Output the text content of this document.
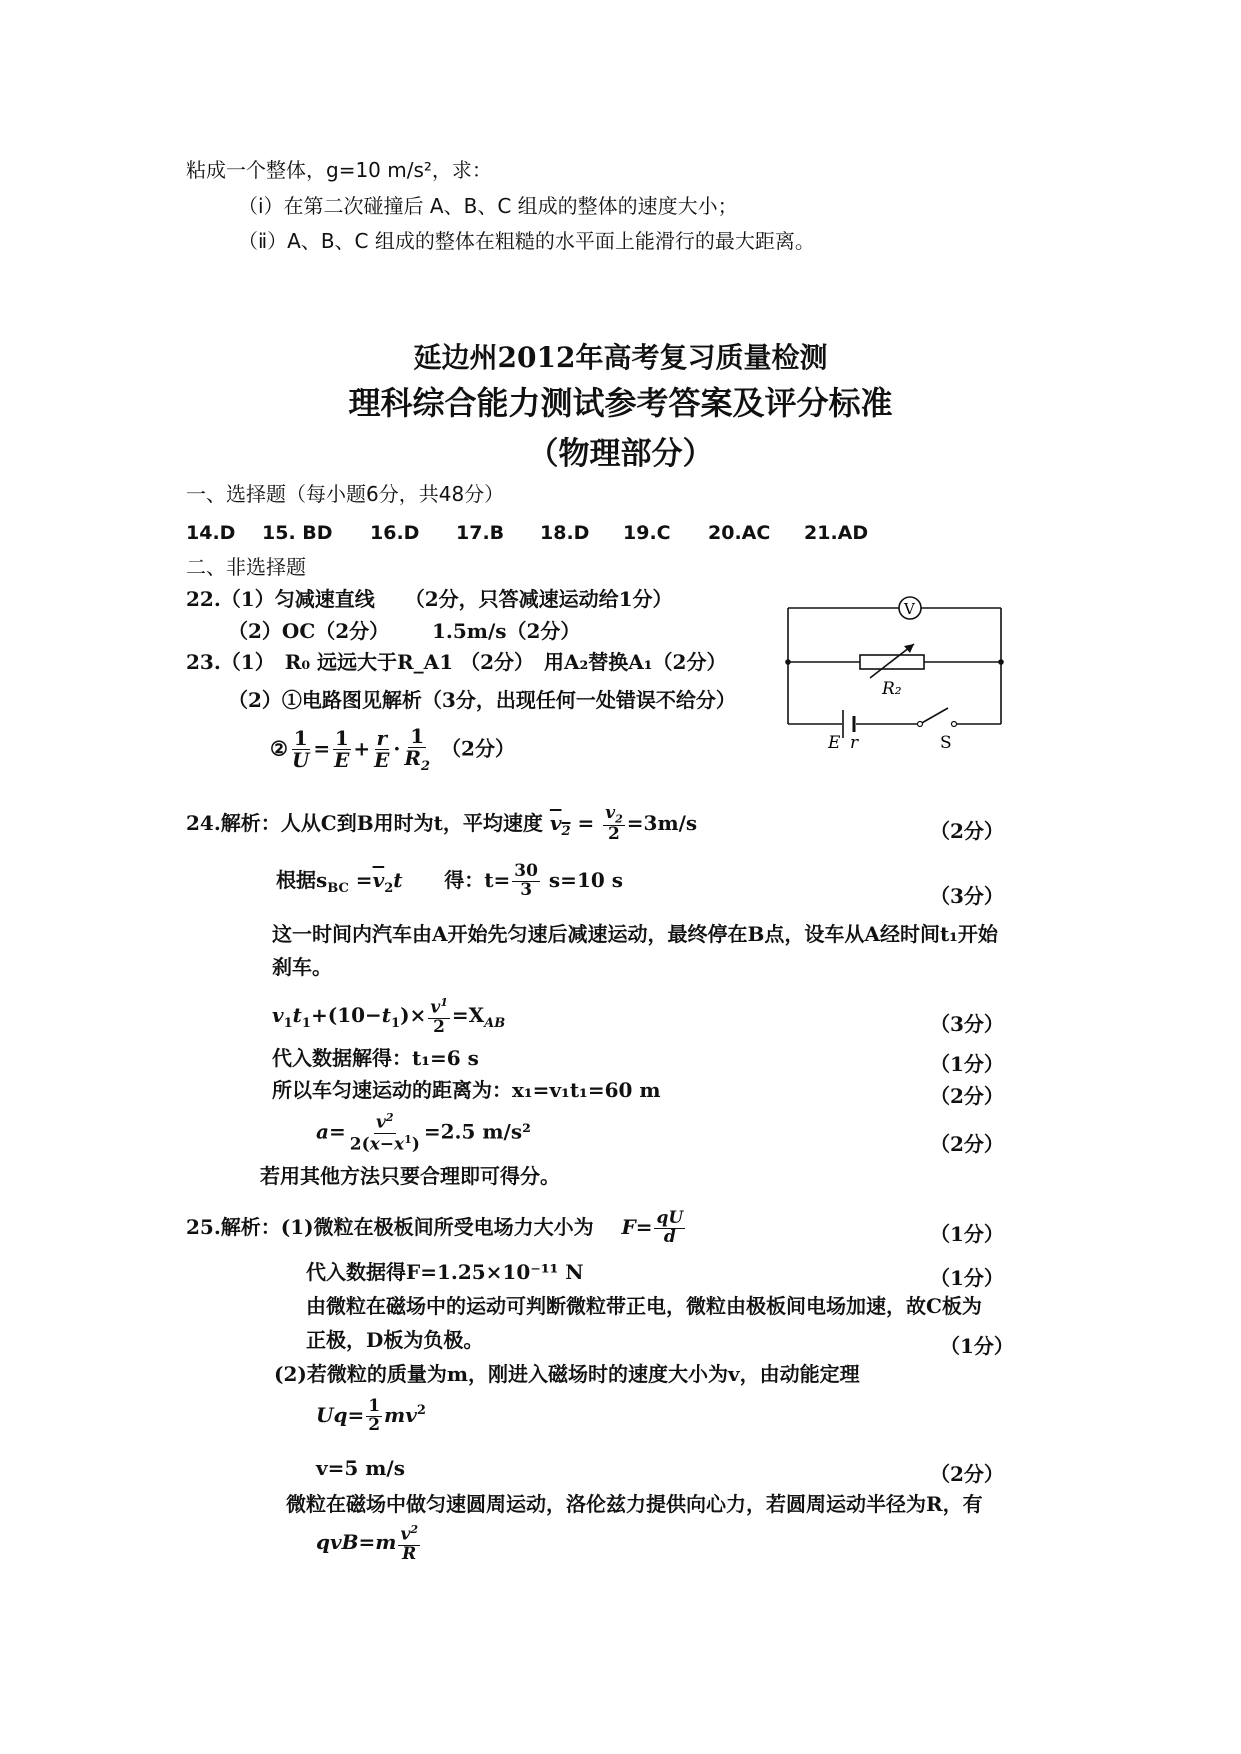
粘成一个整体，g=10 m/s²，求：
（ⅰ）在第二次碰撞后 A、B、C 组成的整体的速度大小；
（ⅱ）A、B、C 组成的整体在粗糙的水平面上能滑行的最大距离。
延边州2012年高考复习质量检测
理科综合能力测试参考答案及评分标准
（物理部分）
一、选择题（每小题6分，共48分）
14.D 15. BD 16.D 17.B 18.D 19.C 20.AC 21.AD
二、非选择题
22.（1）匀减速直线　　（2分，只答减速运动给1分）
（2）OC（2分） 1.5m/s（2分）
23.（1）　R₀ 远远大于R_A1 （2分）　用A₂替换A₁（2分）
（2）①电路图见解析（3分，出现任何一处错误不给分）
② $\frac{1}{U} = \frac{1}{E} + \frac{r}{E} \cdot \frac{1}{R_2} (2$分）
V
R₂
E r	S
24.解析：人从C到B用时为t，平均速度 $v_2 = \frac{v_2}{2} =3m/s$	（2分）
根据$s_{BC} =\overline{v}_2t$ 得：$t= \frac{30}{3} s=10$ s
（3分）
这一时间内汽车由A开始先匀速后减速运动，最终停在B点，设车从A经时间t₁开始
刹车。
$v_1t_1+(10-t_1)\times \frac{v^1}{2} =X_{AB}$	（3分）
代入数据解得：t₁=6 s	（1分）
所以车匀速运动的距离为：x₁=v₁t₁=60 m	（2分）
$a= \frac{v^2}{2(x-x^1)} =2.5$ m/s²
（2分）
若用其他方法只要合理即可得分。
25.解析：(1)微粒在极板间所受电场力大小为 $F= \frac{qU}{d}$	（1分）
代入数据得F=1.25×10⁻¹¹ N	（1分）
由微粒在磁场中的运动可判断微粒带正电，微粒由极板间电场加速，故C板为
正极，D板为负极。	（1分）
(2)若微粒的质量为m，刚进入磁场时的速度大小为v，由动能定理
$Uq= \frac{1}{2} mv^2$
v=5 m/s	（2分）
微粒在磁场中做匀速圆周运动，洛伦兹力提供向心力，若圆周运动半径为R，有
$qvB=m \frac{v^2}{R}$
